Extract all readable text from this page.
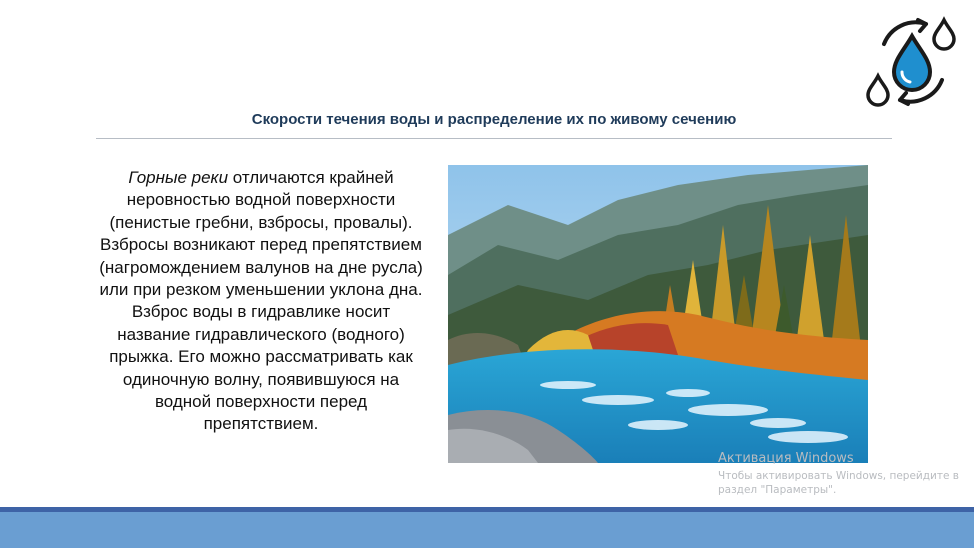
Скорости течения воды и распределение их по живому сечению
Горные реки отличаются крайней неровностью водной поверхности (пенистые гребни, взбросы, провалы). Взбросы возникают перед препятствием (нагромождением валунов на дне русла) или при резком уменьшении уклона дна. Взброс воды в гидравлике носит название гидравлического (водного) прыжка. Его можно рассматривать как одиночную волну, появившуюся на водной поверхности перед препятствием.
Активация Windows
Чтобы активировать Windows, перейдите в
раздел "Параметры".
